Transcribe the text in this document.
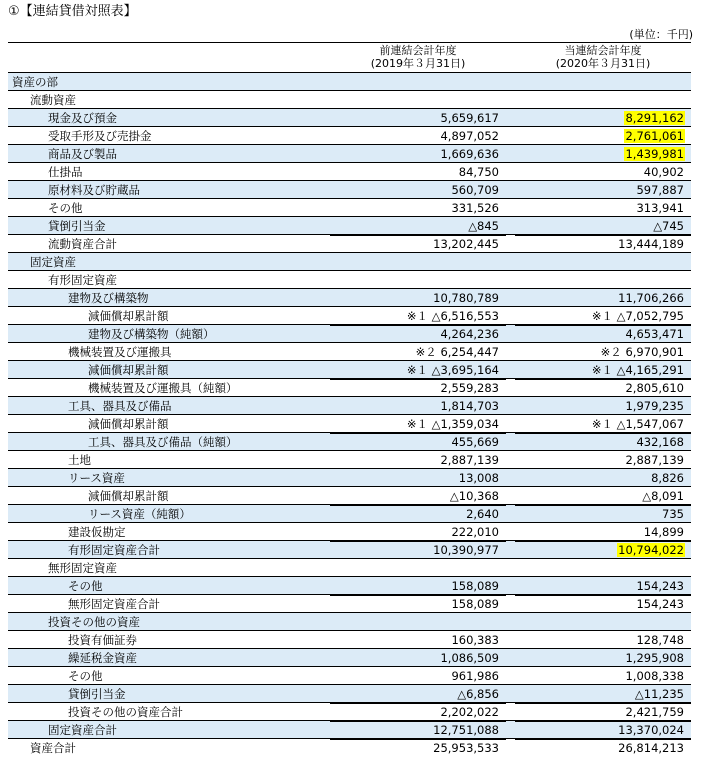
①【連結貸借対照表】
(単位：千円)
前連結会計年度
(2019年３月31日)
当連結会計年度
(2020年３月31日)
資産の部
流動資産
現金及び預金	5,659,617	8,291,162
受取手形及び売掛金	4,897,052	2,761,061
商品及び製品	1,669,636	1,439,981
仕掛品	84,750	40,902
原材料及び貯蔵品	560,709	597,887
その他	331,526	313,941
貸倒引当金	△845	△745
流動資産合計	13,202,445	13,444,189
固定資産
有形固定資産
建物及び構築物	10,780,789	11,706,266
減価償却累計額	※１ △6,516,553	※１ △7,052,795
建物及び構築物（純額）	4,264,236	4,653,471
機械装置及び運搬具	※２ 6,254,447	※２ 6,970,901
減価償却累計額	※１ △3,695,164	※１ △4,165,291
機械装置及び運搬具（純額）	2,559,283	2,805,610
工具、器具及び備品	1,814,703	1,979,235
減価償却累計額	※１ △1,359,034	※１ △1,547,067
工具、器具及び備品（純額）	455,669	432,168
土地	2,887,139	2,887,139
リース資産	13,008	8,826
減価償却累計額	△10,368	△8,091
リース資産（純額）	2,640	735
建設仮勘定	222,010	14,899
有形固定資産合計	10,390,977	10,794,022
無形固定資産
その他	158,089	154,243
無形固定資産合計	158,089	154,243
投資その他の資産
投資有価証券	160,383	128,748
繰延税金資産	1,086,509	1,295,908
その他	961,986	1,008,338
貸倒引当金	△6,856	△11,235
投資その他の資産合計	2,202,022	2,421,759
固定資産合計	12,751,088	13,370,024
資産合計	25,953,533	26,814,213
